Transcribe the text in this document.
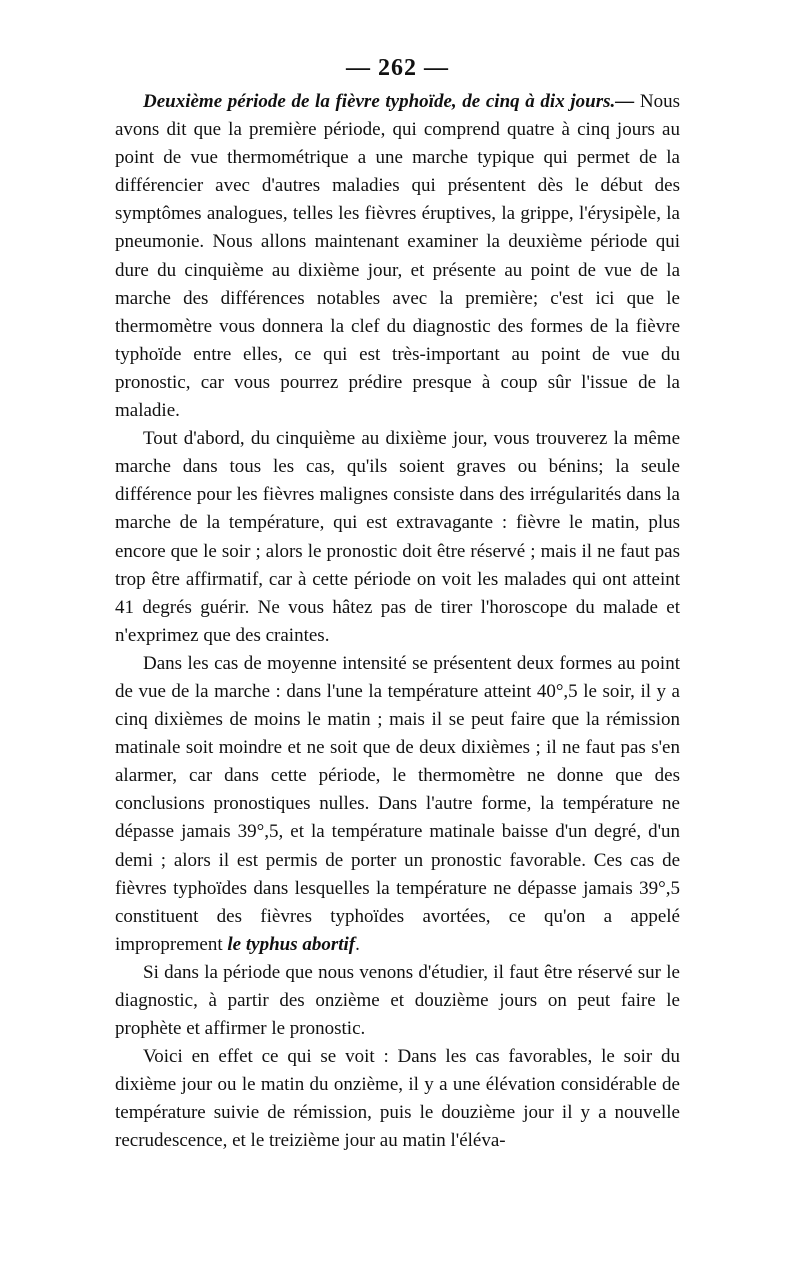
— 262 —

Deuxième période de la fièvre typhoïde, de cinq à dix jours.— Nous avons dit que la première période, qui comprend quatre à cinq jours au point de vue thermométrique a une marche typique qui permet de la différencier avec d'autres maladies qui présentent dès le début des symptômes analogues, telles les fièvres éruptives, la grippe, l'érysipèle, la pneumonie. Nous allons maintenant examiner la deuxième période qui dure du cinquième au dixième jour, et présente au point de vue de la marche des différences notables avec la première; c'est ici que le thermomètre vous donnera la clef du diagnostic des formes de la fièvre typhoïde entre elles, ce qui est très-important au point de vue du pronostic, car vous pourrez prédire presque à coup sûr l'issue de la maladie.

Tout d'abord, du cinquième au dixième jour, vous trouverez la même marche dans tous les cas, qu'ils soient graves ou bénins; la seule différence pour les fièvres malignes consiste dans des irrégularités dans la marche de la température, qui est extravagante : fièvre le matin, plus encore que le soir ; alors le pronostic doit être réservé ; mais il ne faut pas trop être affirmatif, car à cette période on voit les malades qui ont atteint 41 degrés guérir. Ne vous hâtez pas de tirer l'horoscope du malade et n'exprimez que des craintes.

Dans les cas de moyenne intensité se présentent deux formes au point de vue de la marche : dans l'une la température atteint 40°,5 le soir, il y a cinq dixièmes de moins le matin ; mais il se peut faire que la rémission matinale soit moindre et ne soit que de deux dixièmes ; il ne faut pas s'en alarmer, car dans cette période, le thermomètre ne donne que des conclusions pronostiques nulles. Dans l'autre forme, la température ne dépasse jamais 39°,5, et la température matinale baisse d'un degré, d'un demi ; alors il est permis de porter un pronostic favorable. Ces cas de fièvres typhoïdes dans lesquelles la température ne dépasse jamais 39°,5 constituent des fièvres typhoïdes avortées, ce qu'on a appelé improprement le typhus abortif.

Si dans la période que nous venons d'étudier, il faut être réservé sur le diagnostic, à partir des onzième et douzième jours on peut faire le prophète et affirmer le pronostic.

Voici en effet ce qui se voit : Dans les cas favorables, le soir du dixième jour ou le matin du onzième, il y a une élévation considérable de température suivie de rémission, puis le douzième jour il y a nouvelle recrudescence, et le treizième jour au matin l'éléva-
